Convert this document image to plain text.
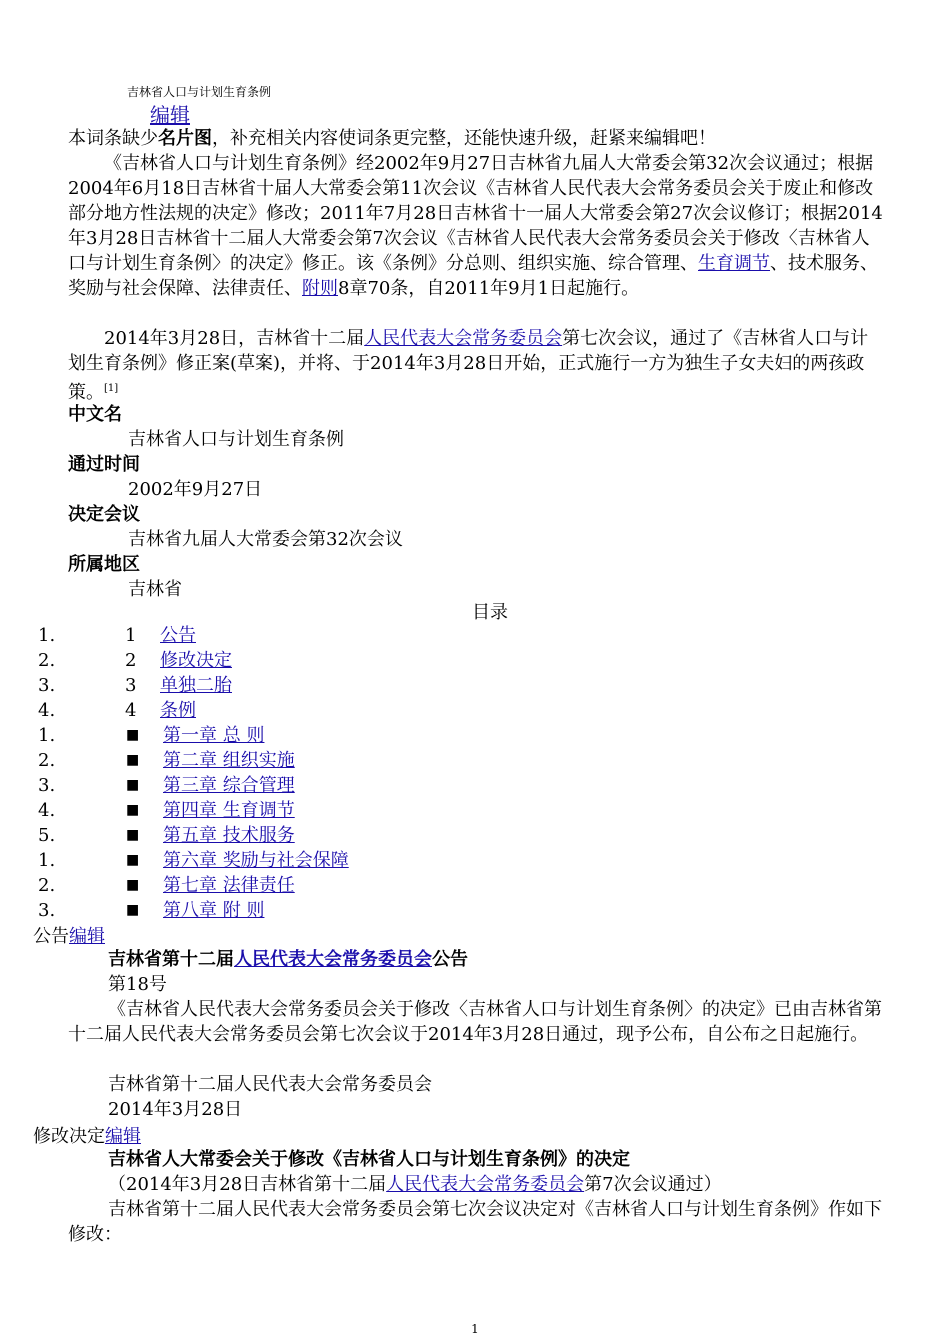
吉林省人口与计划生育条例
编辑
本词条缺少名片图，补充相关内容使词条更完整，还能快速升级，赶紧来编辑吧！
《吉林省人口与计划生育条例》经2002年9月27日吉林省九届人大常委会第32次会议通过；根据2004年6月18日吉林省十届人大常委会第11次会议《吉林省人民代表大会常务委员会关于废止和修改部分地方性法规的决定》修改；2011年7月28日吉林省十一届人大常委会第27次会议修订；根据2014年3月28日吉林省十二届人大常委会第7次会议《吉林省人民代表大会常务委员会关于修改〈吉林省人口与计划生育条例〉的决定》修正。该《条例》分总则、组织实施、综合管理、生育调节、技术服务、奖励与社会保障、法律责任、附则8章70条，自2011年9月1日起施行。
2014年3月28日，吉林省十二届人民代表大会常务委员会第七次会议，通过了《吉林省人口与计划生育条例》修正案(草案)，并将、于2014年3月28日开始，正式施行一方为独生子女夫妇的两孩政策。[1]
中文名
吉林省人口与计划生育条例
通过时间
2002年9月27日
决定会议
吉林省九届人大常委会第32次会议
所属地区
吉林省
目录
1.	1	公告
2.	2	修改决定
3.	3	单独二胎
4.	4	条例
1.	■ 第一章 总 则
2.	■ 第二章 组织实施
3.	■ 第三章 综合管理
4.	■ 第四章 生育调节
5.	■ 第五章 技术服务
1.	■ 第六章 奖励与社会保障
2.	■ 第七章 法律责任
3.	■ 第八章 附 则
公告编辑
吉林省第十二届人民代表大会常务委员会公告
第18号
《吉林省人民代表大会常务委员会关于修改〈吉林省人口与计划生育条例〉的决定》已由吉林省第十二届人民代表大会常务委员会第七次会议于2014年3月28日通过，现予公布，自公布之日起施行。
吉林省第十二届人民代表大会常务委员会
2014年3月28日
修改决定编辑
吉林省人大常委会关于修改《吉林省人口与计划生育条例》的决定
（2014年3月28日吉林省第十二届人民代表大会常务委员会第7次会议通过）
吉林省第十二届人民代表大会常务委员会第七次会议决定对《吉林省人口与计划生育条例》作如下修改：
1
